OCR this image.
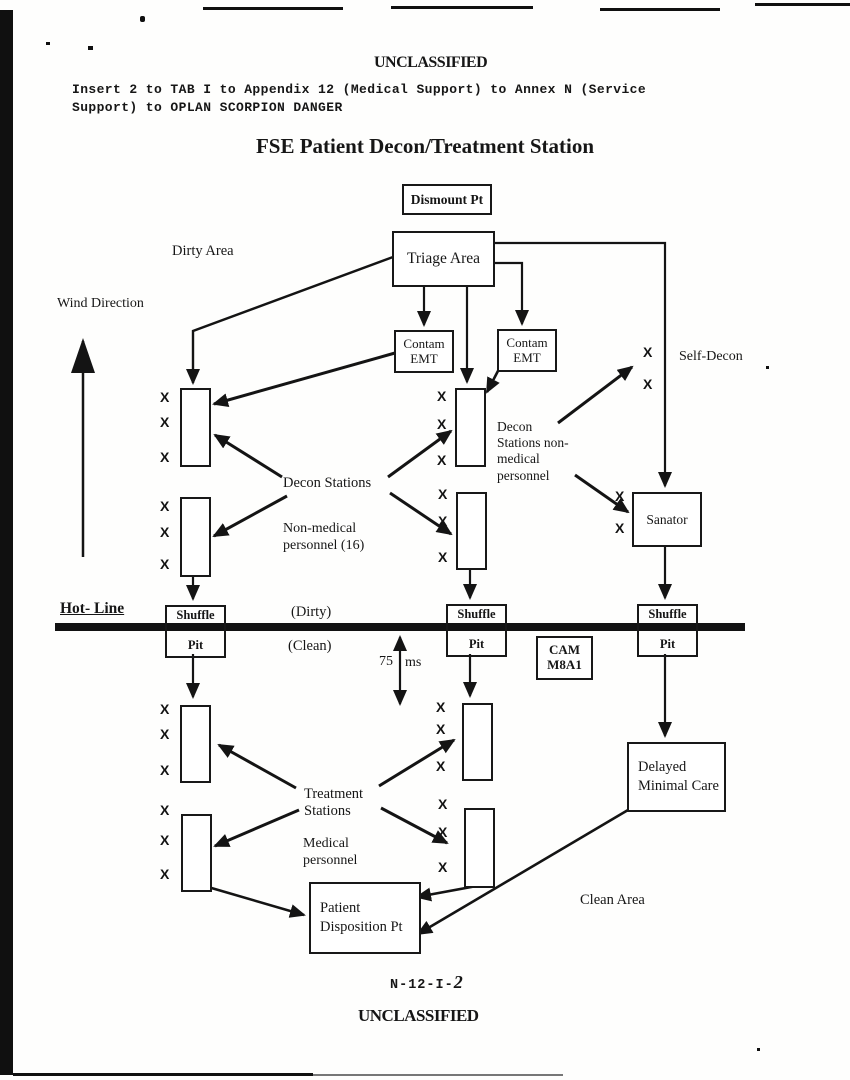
UNCLASSIFIED
Insert 2 to TAB I to Appendix 12 (Medical Support) to Annex N (Service
Support) to OPLAN SCORPION DANGER
FSE Patient Decon/Treatment Station
Dirty Area
Wind Direction
Decon Stations
Non-medical personnel (16)
Decon Stations non-medical personnel
Self-Decon
Hot- Line	(Dirty)
(Clean)
75 ms
Treatment Stations
Medical personnel
Clean Area
Dismount Pt
Triage Area
Contam EMT
Contam EMT
Sanator
CAM
M8A1
Delayed Minimal Care
Patient Disposition Pt
Shuffle
Pit
Shuffle
Pit
Shuffle
Pit
X
X
X
X
X
X
X
X
X
X
X
X
X
X
X
X
X
X
X
X
X
X
X
X
X
X
X
X
N-12-I-2
UNCLASSIFIED
